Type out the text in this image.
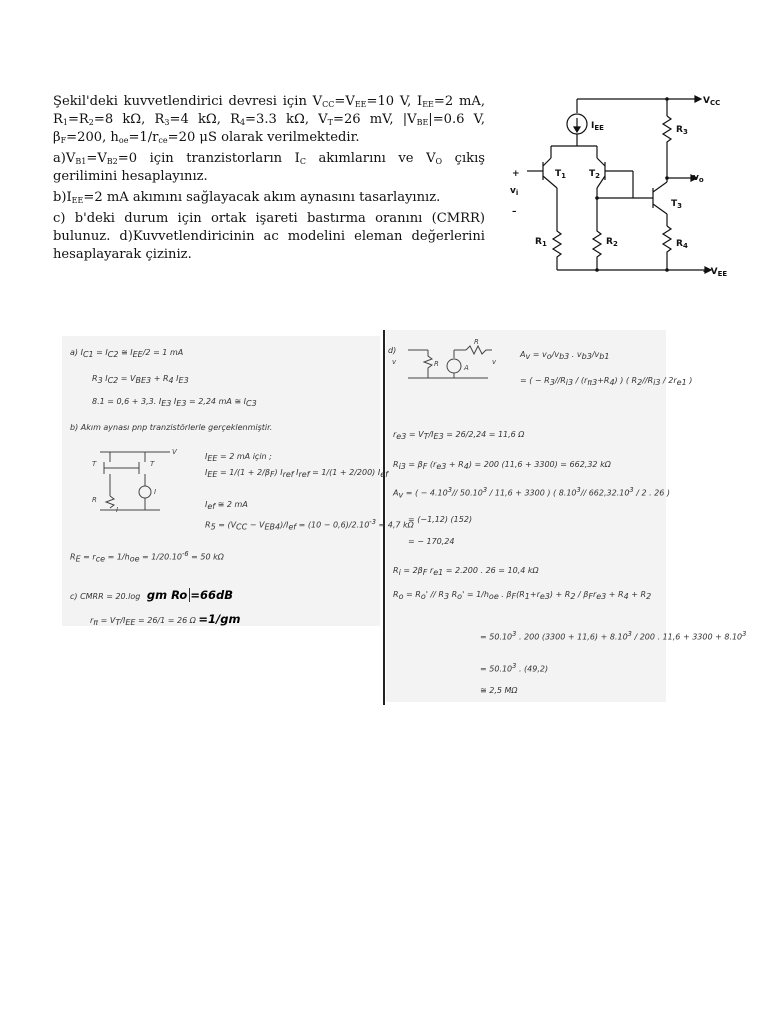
Şekil'deki kuvvetlendirici devresi için $V_{CC}=V_{EE}=10$ V, $I_{EE}=2$ mA, $R_1=R_2=8$ kΩ, $R_3=4$ kΩ, $R_4=3.3$ kΩ, $V_T=26$ mV, $|V_{BE}|=0.6$ V, $\beta_F=200$, $h_{oe}=1/r_{ce}=20$ μS olarak verilmektedir.

$a)V_{B1}=V_{B2}=0$ için tranzistorların $I_C$ akımlarını ve $V_O$ çıkış gerilimini hesaplayınız.

$b)I_{EE}=2$ mA akımını sağlayacak akım aynasını tasarlayınız.

c) b'deki durum için ortak işareti bastırma oranını (CMRR) bulunuz. d)Kuvvetlendiricinin ac modelini eleman değerlerini hesaplayarak çiziniz.

$V_{CC}$
– $V_{EE}$
$I_{EE}$	$R_3$
$R_1$	$R_2$	$R_4$
$T_1$	$T_2$
$T_3$
$v_o$
$v_i$
+
–
a) $I_{C1} = I_{C2}$ ≅ $I_{EE}/2 = 1$ mA
$R_3$ $I_{C2} = V_{BE3} + R_4$ $I_{E3}$
8.1 = 0,6 + 3,3. $I_{E3}$ $I_{E3} = 2,24$ mA ≅ $I_{C3}$
b) Akım aynası pnp tranzistörlerle gerçeklenmiştir.
V
T	T
R
I
I
$I_{EE} = 2$ mA için ;
$I_{EE} = 1/(1 + 2/\beta_F)$ $I_{ref}$ $I_{ref} = 1/(1 + 2/200)$ $I_{ef}$
$I_{ef}$ ≅ 2 mA
$R_5 = (V_{CC} - V_{EB4})/I_{ef} = (10 - 0,6)/2.10^{-3} = 4,7$ kΩ
$R_E = r_{ce} = 1/h_{oe} = 1/20.10^{-6} = 50$ kΩ
c) CMRR = 20.log gm Ro =66dB
$r_\pi = V_T/I_{EE} = 26/1 = 26$ Ω =1/gm
v	R	A
R
v
d)	$A_v = v_o/v_{b3}$ . $v_{b3}/v_{b1}$
= ( − $R_3//R_{i3} / (r_{\pi 3}+R_4)$ ) ( $R_2//R_{i3} / 2r_{e1}$ )
$r_{e3} = V_T/I_{E3} = 26/2,24 = 11,6$ Ω
$R_{i3} = \beta_F$ $(r_{e3} + R_4) = 200$ (11,6 + 3300) = 662,32 kΩ
$A_v$ = ( − $4.10^3//$ 50.10$^3$ / 11,6 + 3300 ) ( 8.10$^3$// 662,32.10$^3$ / 2 . 26 )
= (−1,12) (152)
= − 170,24
$R_i = 2\beta_F$ $r_{e1} = 2.200$ . 26 = 10,4 kΩ
$R_o = R_o' // R_3$ $R_o' = 1/h_{oe}$ . $\beta_F(R_1+r_{e3}) + R_2 / \beta_Fr_{e3} + R_4 + R_2$
= $50.10^3$ . 200 $(3300 + 11,6) + 8.10^3 / 200$ . $11,6 + 3300 + 8.10^3$
= $50.10^3$ . (49,2)
≅ 2,5 MΩ
